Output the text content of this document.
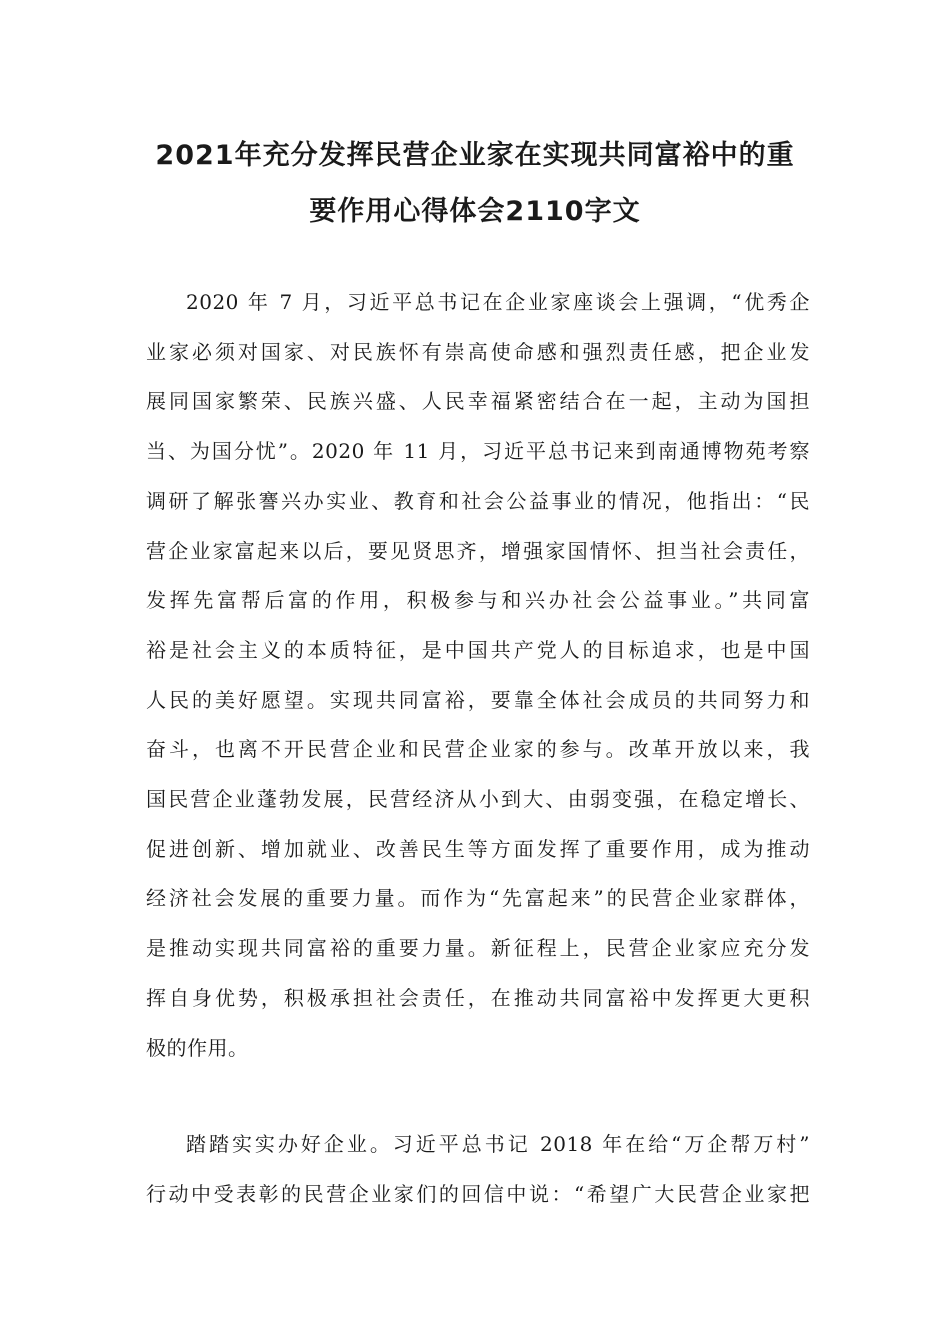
2021年充分发挥民营企业家在实现共同富裕中的重
要作用心得体会2110字文
2020 年 7 月，习近平总书记在企业家座谈会上强调，“优秀企
业家必须对国家、对民族怀有崇高使命感和强烈责任感，把企业发
展同国家繁荣、民族兴盛、人民幸福紧密结合在一起，主动为国担
当、为国分忧”。2020 年 11 月，习近平总书记来到南通博物苑考察
调研了解张謇兴办实业、教育和社会公益事业的情况，他指出：“民
营企业家富起来以后，要见贤思齐，增强家国情怀、担当社会责任，
发挥先富帮后富的作用，积极参与和兴办社会公益事业。”共同富
裕是社会主义的本质特征，是中国共产党人的目标追求，也是中国
人民的美好愿望。实现共同富裕，要靠全体社会成员的共同努力和
奋斗，也离不开民营企业和民营企业家的参与。改革开放以来，我
国民营企业蓬勃发展，民营经济从小到大、由弱变强，在稳定增长、
促进创新、增加就业、改善民生等方面发挥了重要作用，成为推动
经济社会发展的重要力量。而作为“先富起来”的民营企业家群体，
是推动实现共同富裕的重要力量。新征程上，民营企业家应充分发
挥自身优势，积极承担社会责任，在推动共同富裕中发挥更大更积
极的作用。
踏踏实实办好企业。习近平总书记 2018 年在给“万企帮万村”
行动中受表彰的民营企业家们的回信中说：“希望广大民营企业家把
